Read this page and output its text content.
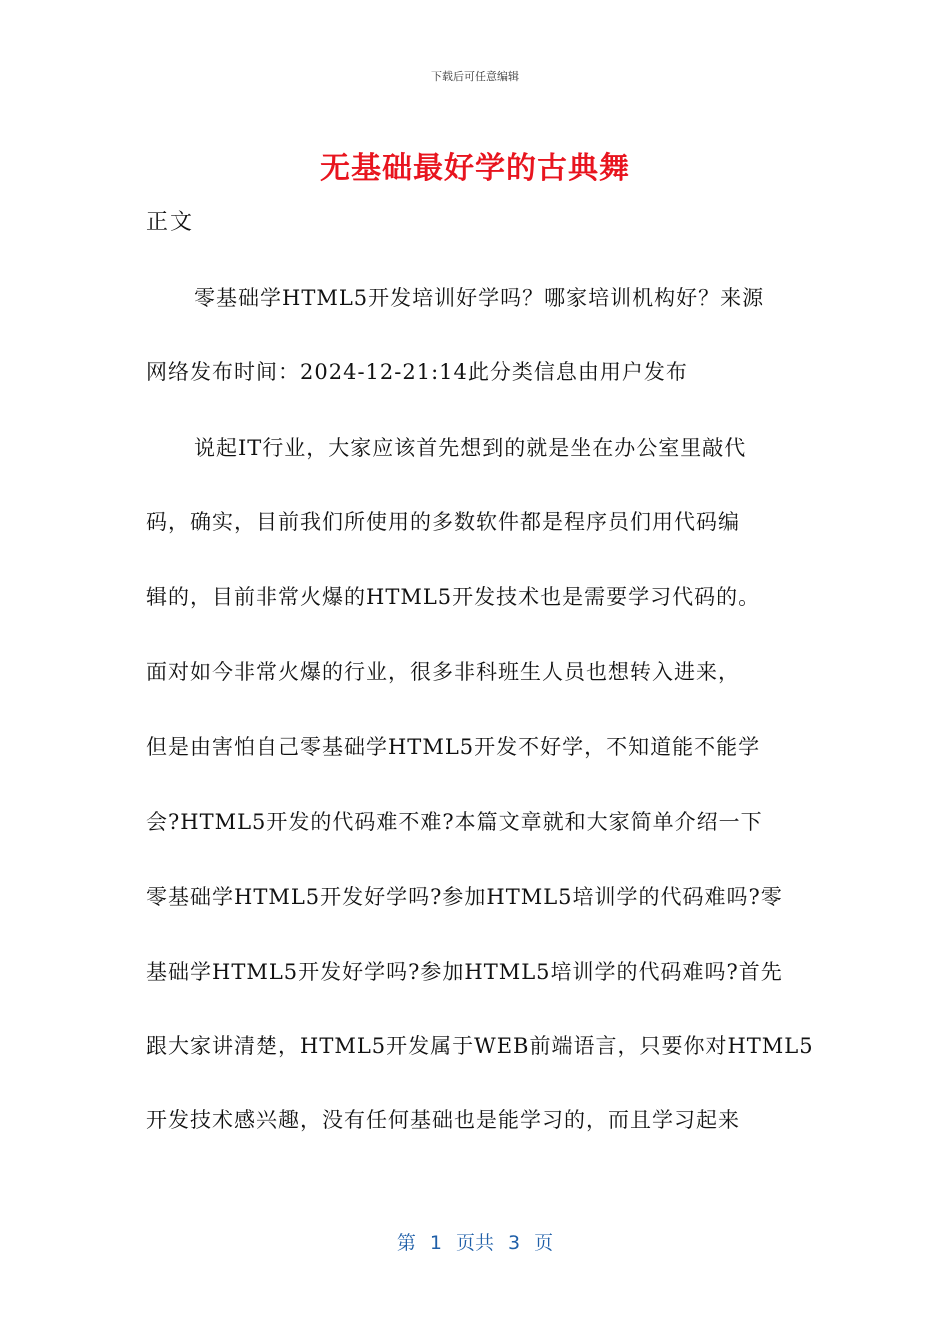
下载后可任意编辑
无基础最好学的古典舞
正文
零基础学HTML5开发培训好学吗？哪家培训机构好？来源
网络发布时间：2024-12-21:14此分类信息由用户发布
说起IT行业，大家应该首先想到的就是坐在办公室里敲代
码，确实，目前我们所使用的多数软件都是程序员们用代码编
辑的，目前非常火爆的HTML5开发技术也是需要学习代码的。
面对如今非常火爆的行业，很多非科班生人员也想转入进来，
但是由害怕自己零基础学HTML5开发不好学，不知道能不能学
会?HTML5开发的代码难不难?本篇文章就和大家简单介绍一下
零基础学HTML5开发好学吗?参加HTML5培训学的代码难吗?零
基础学HTML5开发好学吗?参加HTML5培训学的代码难吗?首先
跟大家讲清楚，HTML5开发属于WEB前端语言，只要你对HTML5
开发技术感兴趣，没有任何基础也是能学习的，而且学习起来
第 1 页共 3 页
